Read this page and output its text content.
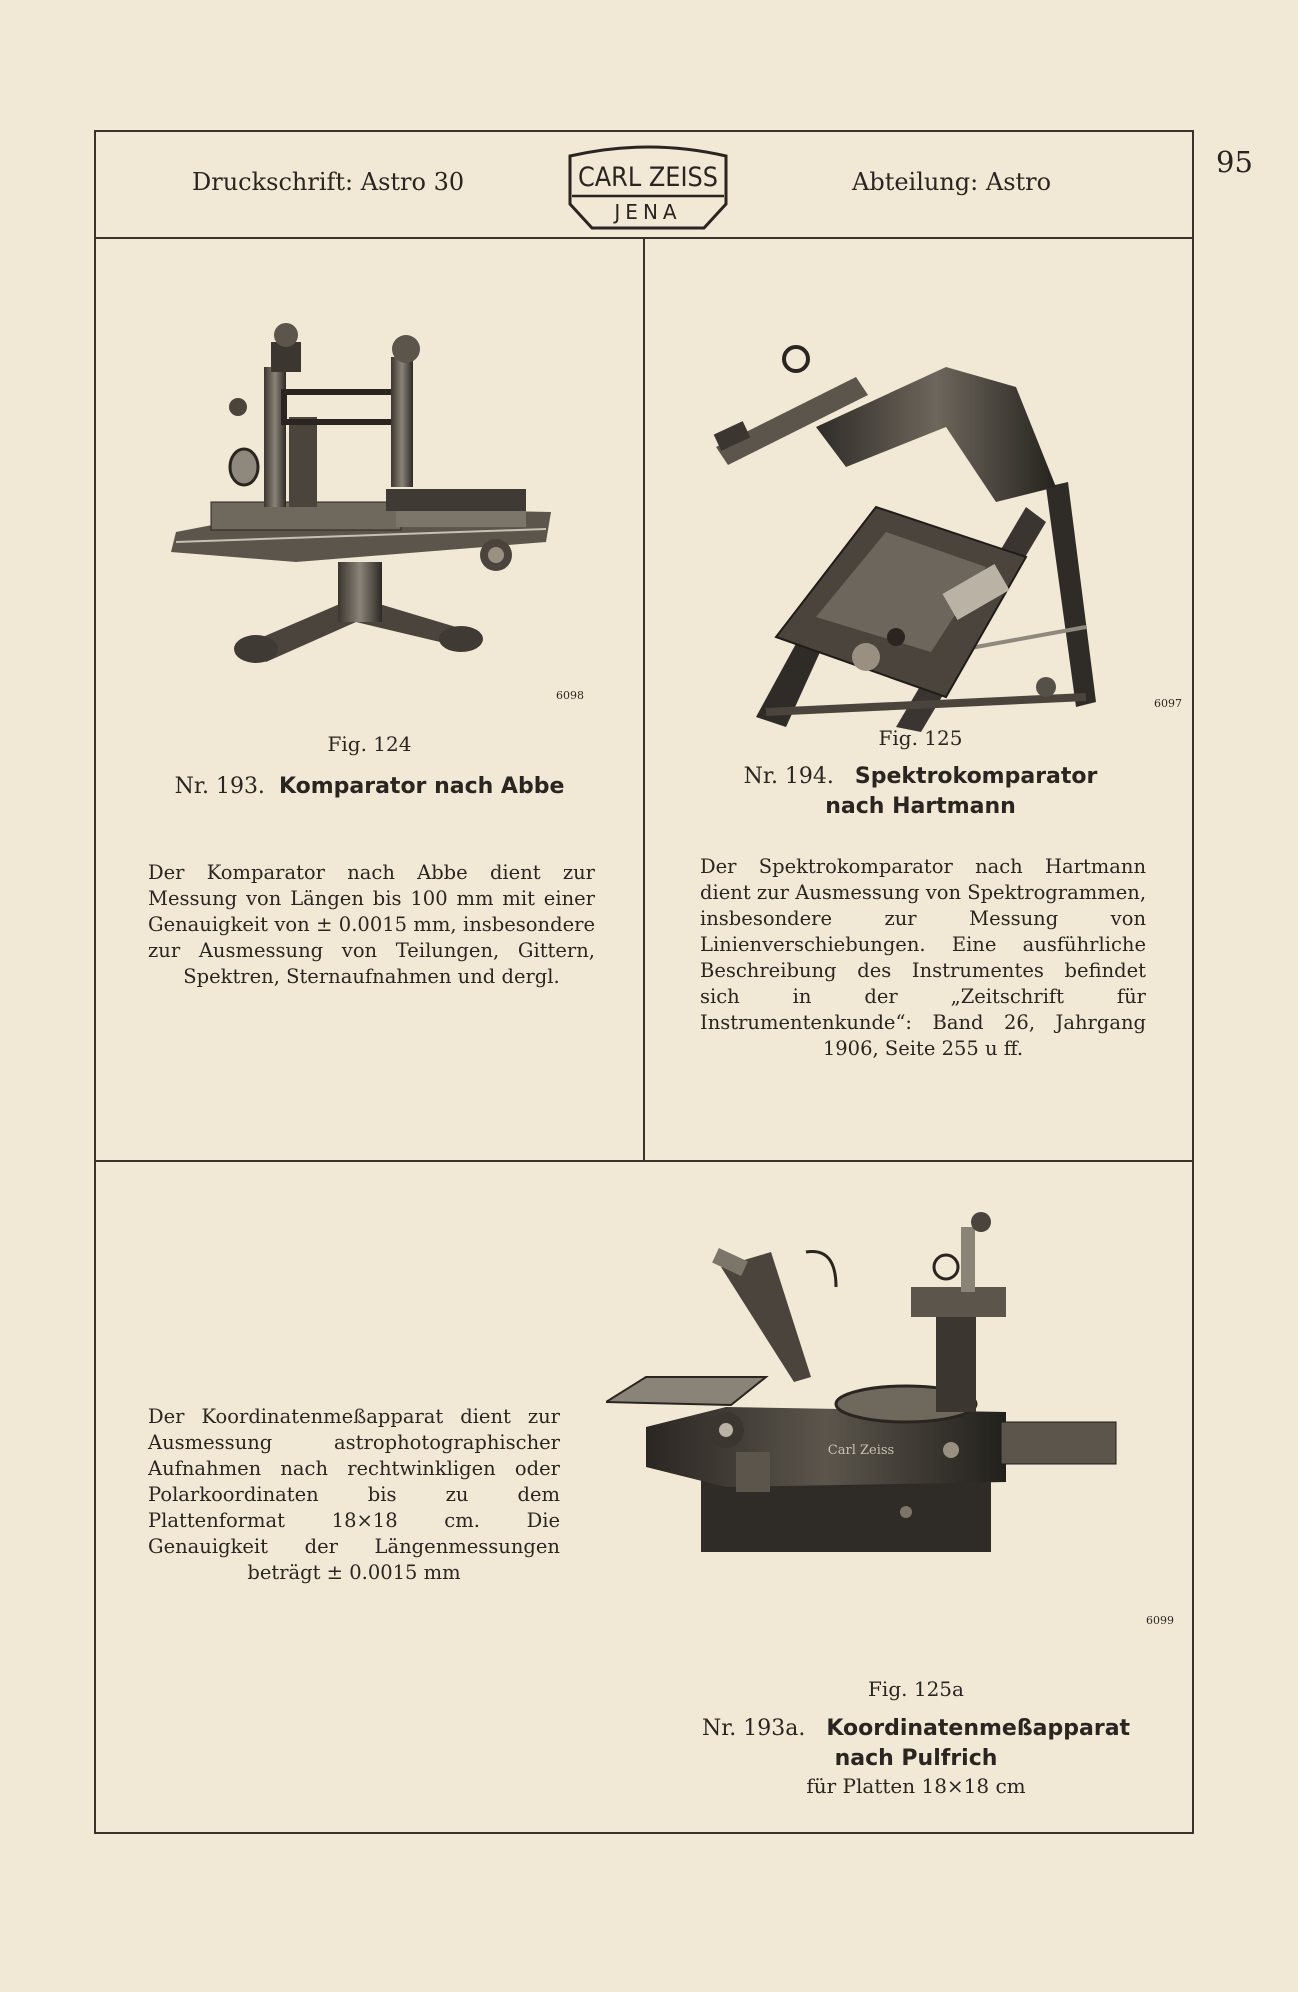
95
Druckschrift: Astro 30	CARL ZEISS
JENA
Abteilung: Astro
6098
Fig. 124
Nr. 193. Komparator nach Abbe
Der Komparator nach Abbe dient zur Messung von Längen bis 100 mm mit einer Genauigkeit von ± 0.0015 mm, insbesondere zur Ausmessung von Teilungen, Gittern, Spektren, Sternaufnahmen und dergl.
6097
Fig. 125
Nr. 194. Spektrokomparator
nach Hartmann
Der Spektrokomparator nach Hartmann dient zur Ausmessung von Spektrogrammen, insbesondere zur Messung von Linienverschiebungen. Eine ausführliche Beschreibung des Instrumentes befindet sich in der „Zeitschrift für Instrumentenkunde“: Band 26, Jahrgang 1906, Seite 255 u ff.
Der Koordinatenmeßapparat dient zur Ausmessung astrophotographischer Aufnahmen nach rechtwinkligen oder Polarkoordinaten bis zu dem Plattenformat 18×18 cm. Die Genauigkeit der Längenmessungen beträgt ± 0.0015 mm
Carl Zeiss
6099
Fig. 125a
Nr. 193a. Koordinatenmeßapparat
nach Pulfrich
für Platten 18×18 cm
